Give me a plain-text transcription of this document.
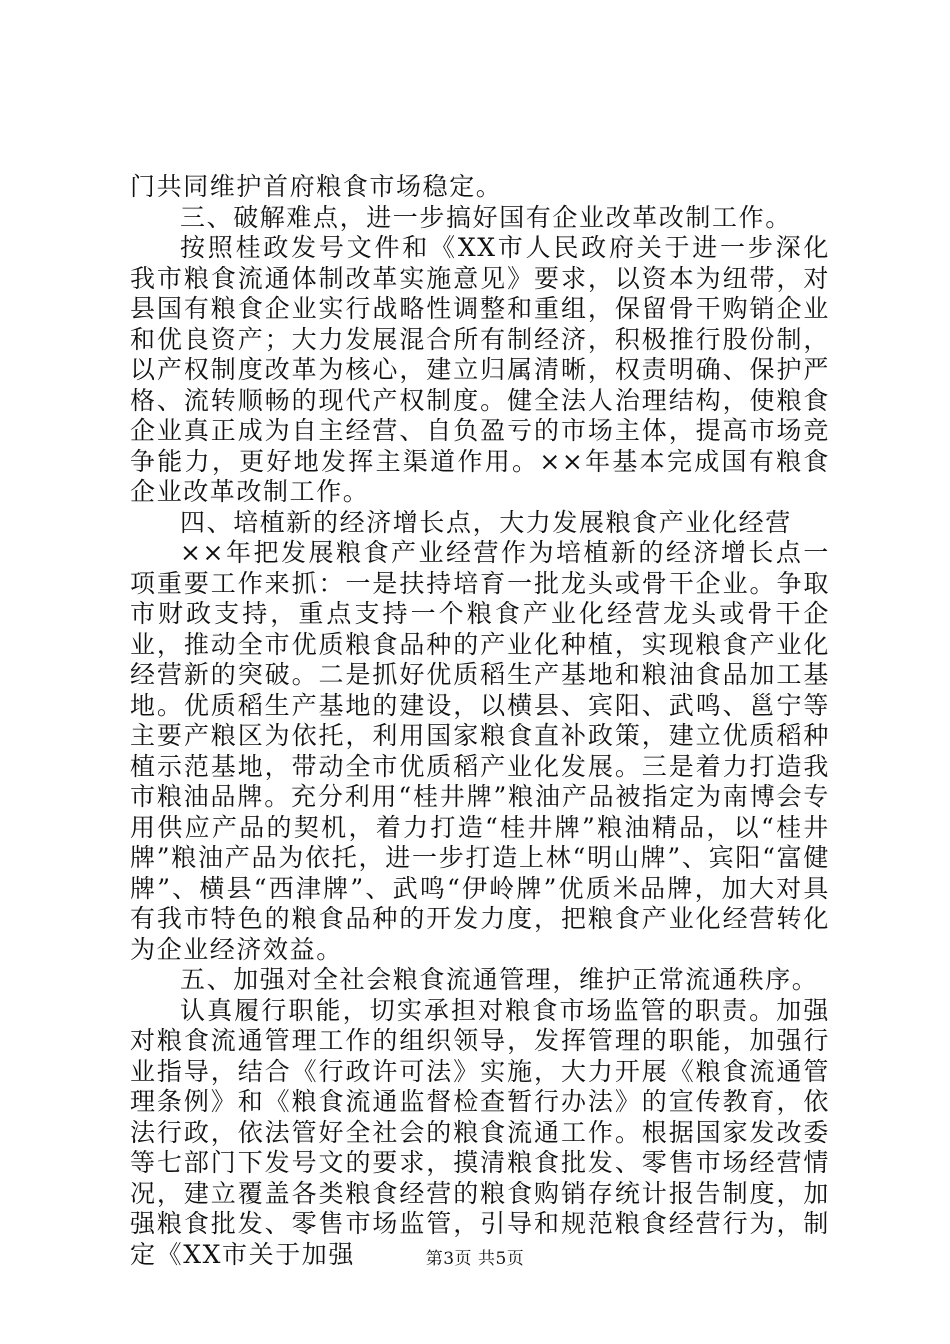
门共同维护首府粮食市场稳定。

三、破解难点，进一步搞好国有企业改革改制工作。

按照桂政发号文件和《XX市人民政府关于进一步深化我市粮食流通体制改革实施意见》要求，以资本为纽带，对县国有粮食企业实行战略性调整和重组，保留骨干购销企业和优良资产；大力发展混合所有制经济，积极推行股份制，以产权制度改革为核心，建立归属清晰，权责明确、保护严格、流转顺畅的现代产权制度。健全法人治理结构，使粮食企业真正成为自主经营、自负盈亏的市场主体，提高市场竞争能力，更好地发挥主渠道作用。××年基本完成国有粮食企业改革改制工作。

四、培植新的经济增长点，大力发展粮食产业化经营

××年把发展粮食产业经营作为培植新的经济增长点一项重要工作来抓：一是扶持培育一批龙头或骨干企业。争取市财政支持，重点支持一个粮食产业化经营龙头或骨干企业，推动全市优质粮食品种的产业化种植，实现粮食产业化经营新的突破。二是抓好优质稻生产基地和粮油食品加工基地。优质稻生产基地的建设，以横县、宾阳、武鸣、邕宁等主要产粮区为依托，利用国家粮食直补政策，建立优质稻种植示范基地，带动全市优质稻产业化发展。三是着力打造我市粮油品牌。充分利用“桂井牌”粮油产品被指定为南博会专用供应产品的契机，着力打造“桂井牌”粮油精品，以“桂井牌”粮油产品为依托，进一步打造上林“明山牌”、宾阳“富健牌”、横县“西津牌”、武鸣“伊岭牌”优质米品牌，加大对具有我市特色的粮食品种的开发力度，把粮食产业化经营转化为企业经济效益。

五、加强对全社会粮食流通管理，维护正常流通秩序。

认真履行职能，切实承担对粮食市场监管的职责。加强对粮食流通管理工作的组织领导，发挥管理的职能，加强行业指导，结合《行政许可法》实施，大力开展《粮食流通管理条例》和《粮食流通监督检查暂行办法》的宣传教育，依法行政，依法管好全社会的粮食流通工作。根据国家发改委等七部门下发号文的要求，摸清粮食批发、零售市场经营情况，建立覆盖各类粮食经营的粮食购销存统计报告制度，加强粮食批发、零售市场监管，引导和规范粮食经营行为，制定《XX市关于加强	第3页 共5页
